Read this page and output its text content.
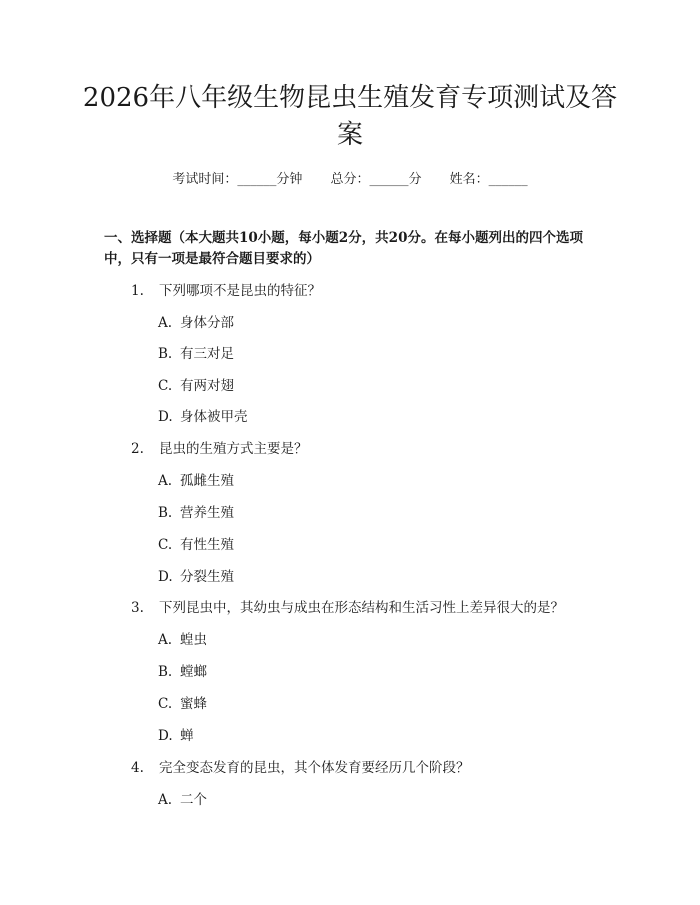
2026年八年级生物昆虫生殖发育专项测试及答案
考试时间：______分钟 总分：______分 姓名：______

一、选择题（本大题共10小题，每小题2分，共20分。在每小题列出的四个选项中，只有一项是最符合题目要求的）

1. 下列哪项不是昆虫的特征？
A. 身体分部
B. 有三对足
C. 有两对翅
D. 身体被甲壳
2. 昆虫的生殖方式主要是？
A. 孤雌生殖
B. 营养生殖
C. 有性生殖
D. 分裂生殖
3. 下列昆虫中，其幼虫与成虫在形态结构和生活习性上差异很大的是？
A. 蝗虫
B. 螳螂
C. 蜜蜂
D. 蝉
4. 完全变态发育的昆虫，其个体发育要经历几个阶段？
A. 二个
